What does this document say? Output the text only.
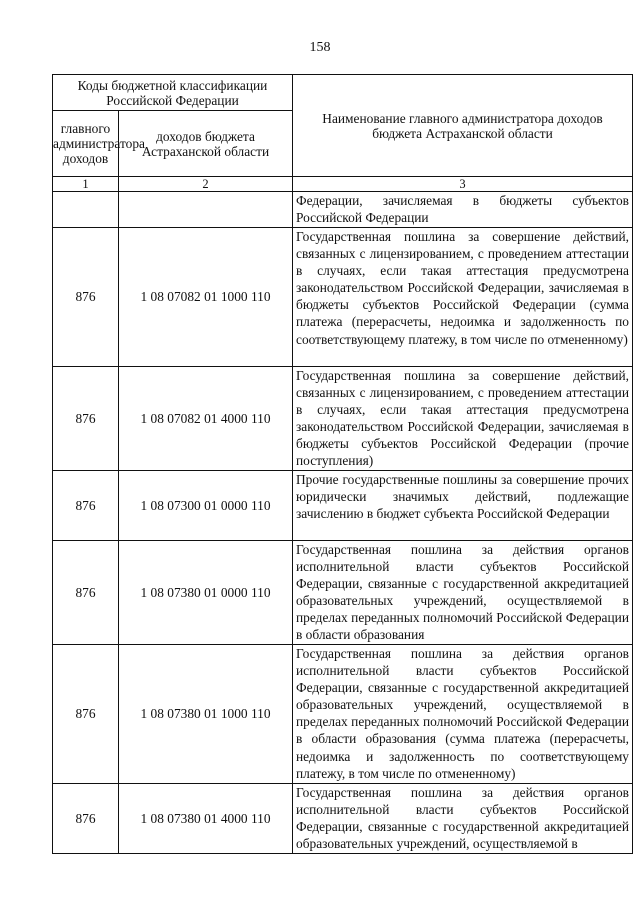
158
Коды бюджетной классификации Российской Федерации		Наименование главного администратора доходов бюджета Астраханской области
главного администратора доходов	доходов бюджета Астраханской области	
1	2	3
		Федерации, зачисляемая в бюджеты субъектов Российской Федерации
876	1 08 07082 01 1000 110	Государственная пошлина за совершение действий, связанных с лицензированием, с проведением аттестации в случаях, если такая аттестация предусмотрена законодательством Российской Федерации, зачисляемая в бюджеты субъектов Российской Федерации (сумма платежа (перерасчеты, недоимка и задолженность по соответствующему платежу, в том числе по отмененному)
876	1 08 07082 01 4000 110	Государственная пошлина за совершение действий, связанных с лицензированием, с проведением аттестации в случаях, если такая аттестация предусмотрена законодательством Российской Федерации, зачисляемая в бюджеты субъектов Российской Федерации (прочие поступления)
876	1 08 07300 01 0000 110	Прочие государственные пошлины за совершение прочих юридически значимых действий, подлежащие зачислению в бюджет субъекта Российской Федерации
876	1 08 07380 01 0000 110	Государственная пошлина за действия органов исполнительной власти субъектов Российской Федерации, связанные с государственной аккредитацией образовательных учреждений, осуществляемой в пределах переданных полномочий Российской Федерации в области образования
876	1 08 07380 01 1000 110	Государственная пошлина за действия органов исполнительной власти субъектов Российской Федерации, связанные с государственной аккредитацией образовательных учреждений, осуществляемой в пределах переданных полномочий Российской Федерации в области образования (сумма платежа (перерасчеты, недоимка и задолженность по соответствующему платежу, в том числе по отмененному)
876	1 08 07380 01 4000 110	Государственная пошлина за действия органов исполнительной власти субъектов Российской Федерации, связанные с государственной аккредитацией образовательных учреждений, осуществляемой в
